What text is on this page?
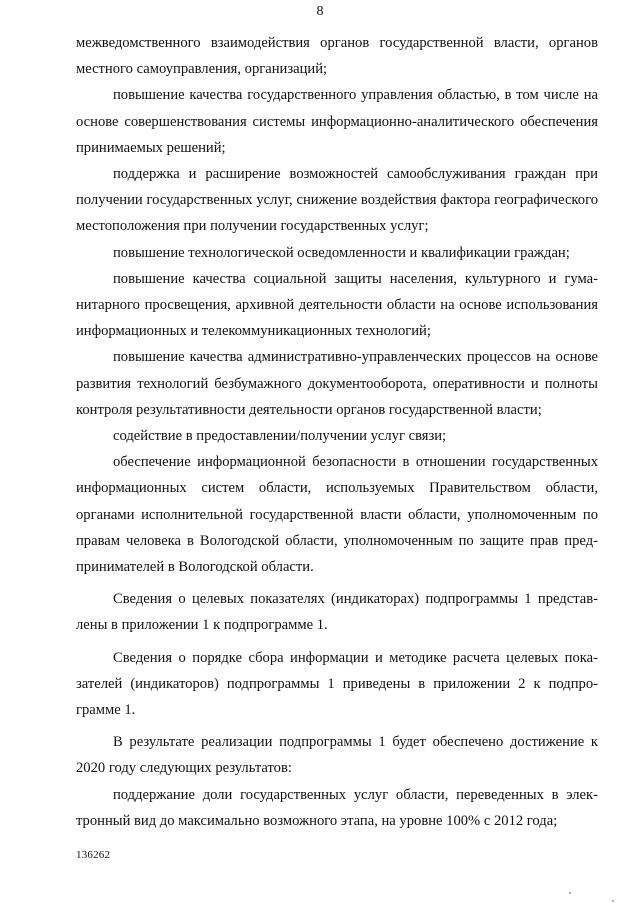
8

межведомственного взаимодействия органов государственной власти, органов местного самоуправления, организаций;

повышение качества государственного управления областью, в том числе на основе совершенствования системы информационно-аналитического обеспечения принимаемых решений;

поддержка и расширение возможностей самообслуживания граждан при получении государственных услуг, снижение воздействия фактора географического местоположения при получении государственных услуг;

повышение технологической осведомленности и квалификации граждан;

повышение качества социальной защиты населения, культурного и гуманитарного просвещения, архивной деятельности области на основе использования информационных и телекоммуникационных технологий;

повышение качества административно-управленческих процессов на основе развития технологий безбумажного документооборота, оперативности и полноты контроля результативности деятельности органов государственной власти;

содействие в предоставлении/получении услуг связи;

обеспечение информационной безопасности в отношении государственных информационных систем области, используемых Правительством области, органами исполнительной государственной власти области, уполномоченным по правам человека в Вологодской области, уполномоченным по защите прав предпринимателей в Вологодской области.

Сведения о целевых показателях (индикаторах) подпрограммы 1 представлены в приложении 1 к подпрограмме 1.

Сведения о порядке сбора информации и методике расчета целевых показателей (индикаторов) подпрограммы 1 приведены в приложении 2 к подпрограмме 1.

В результате реализации подпрограммы 1 будет обеспечено достижение к 2020 году следующих результатов:

поддержание доли государственных услуг области, переведенных в электронный вид до максимально возможного этапа, на уровне 100% с 2012 года;

136262
